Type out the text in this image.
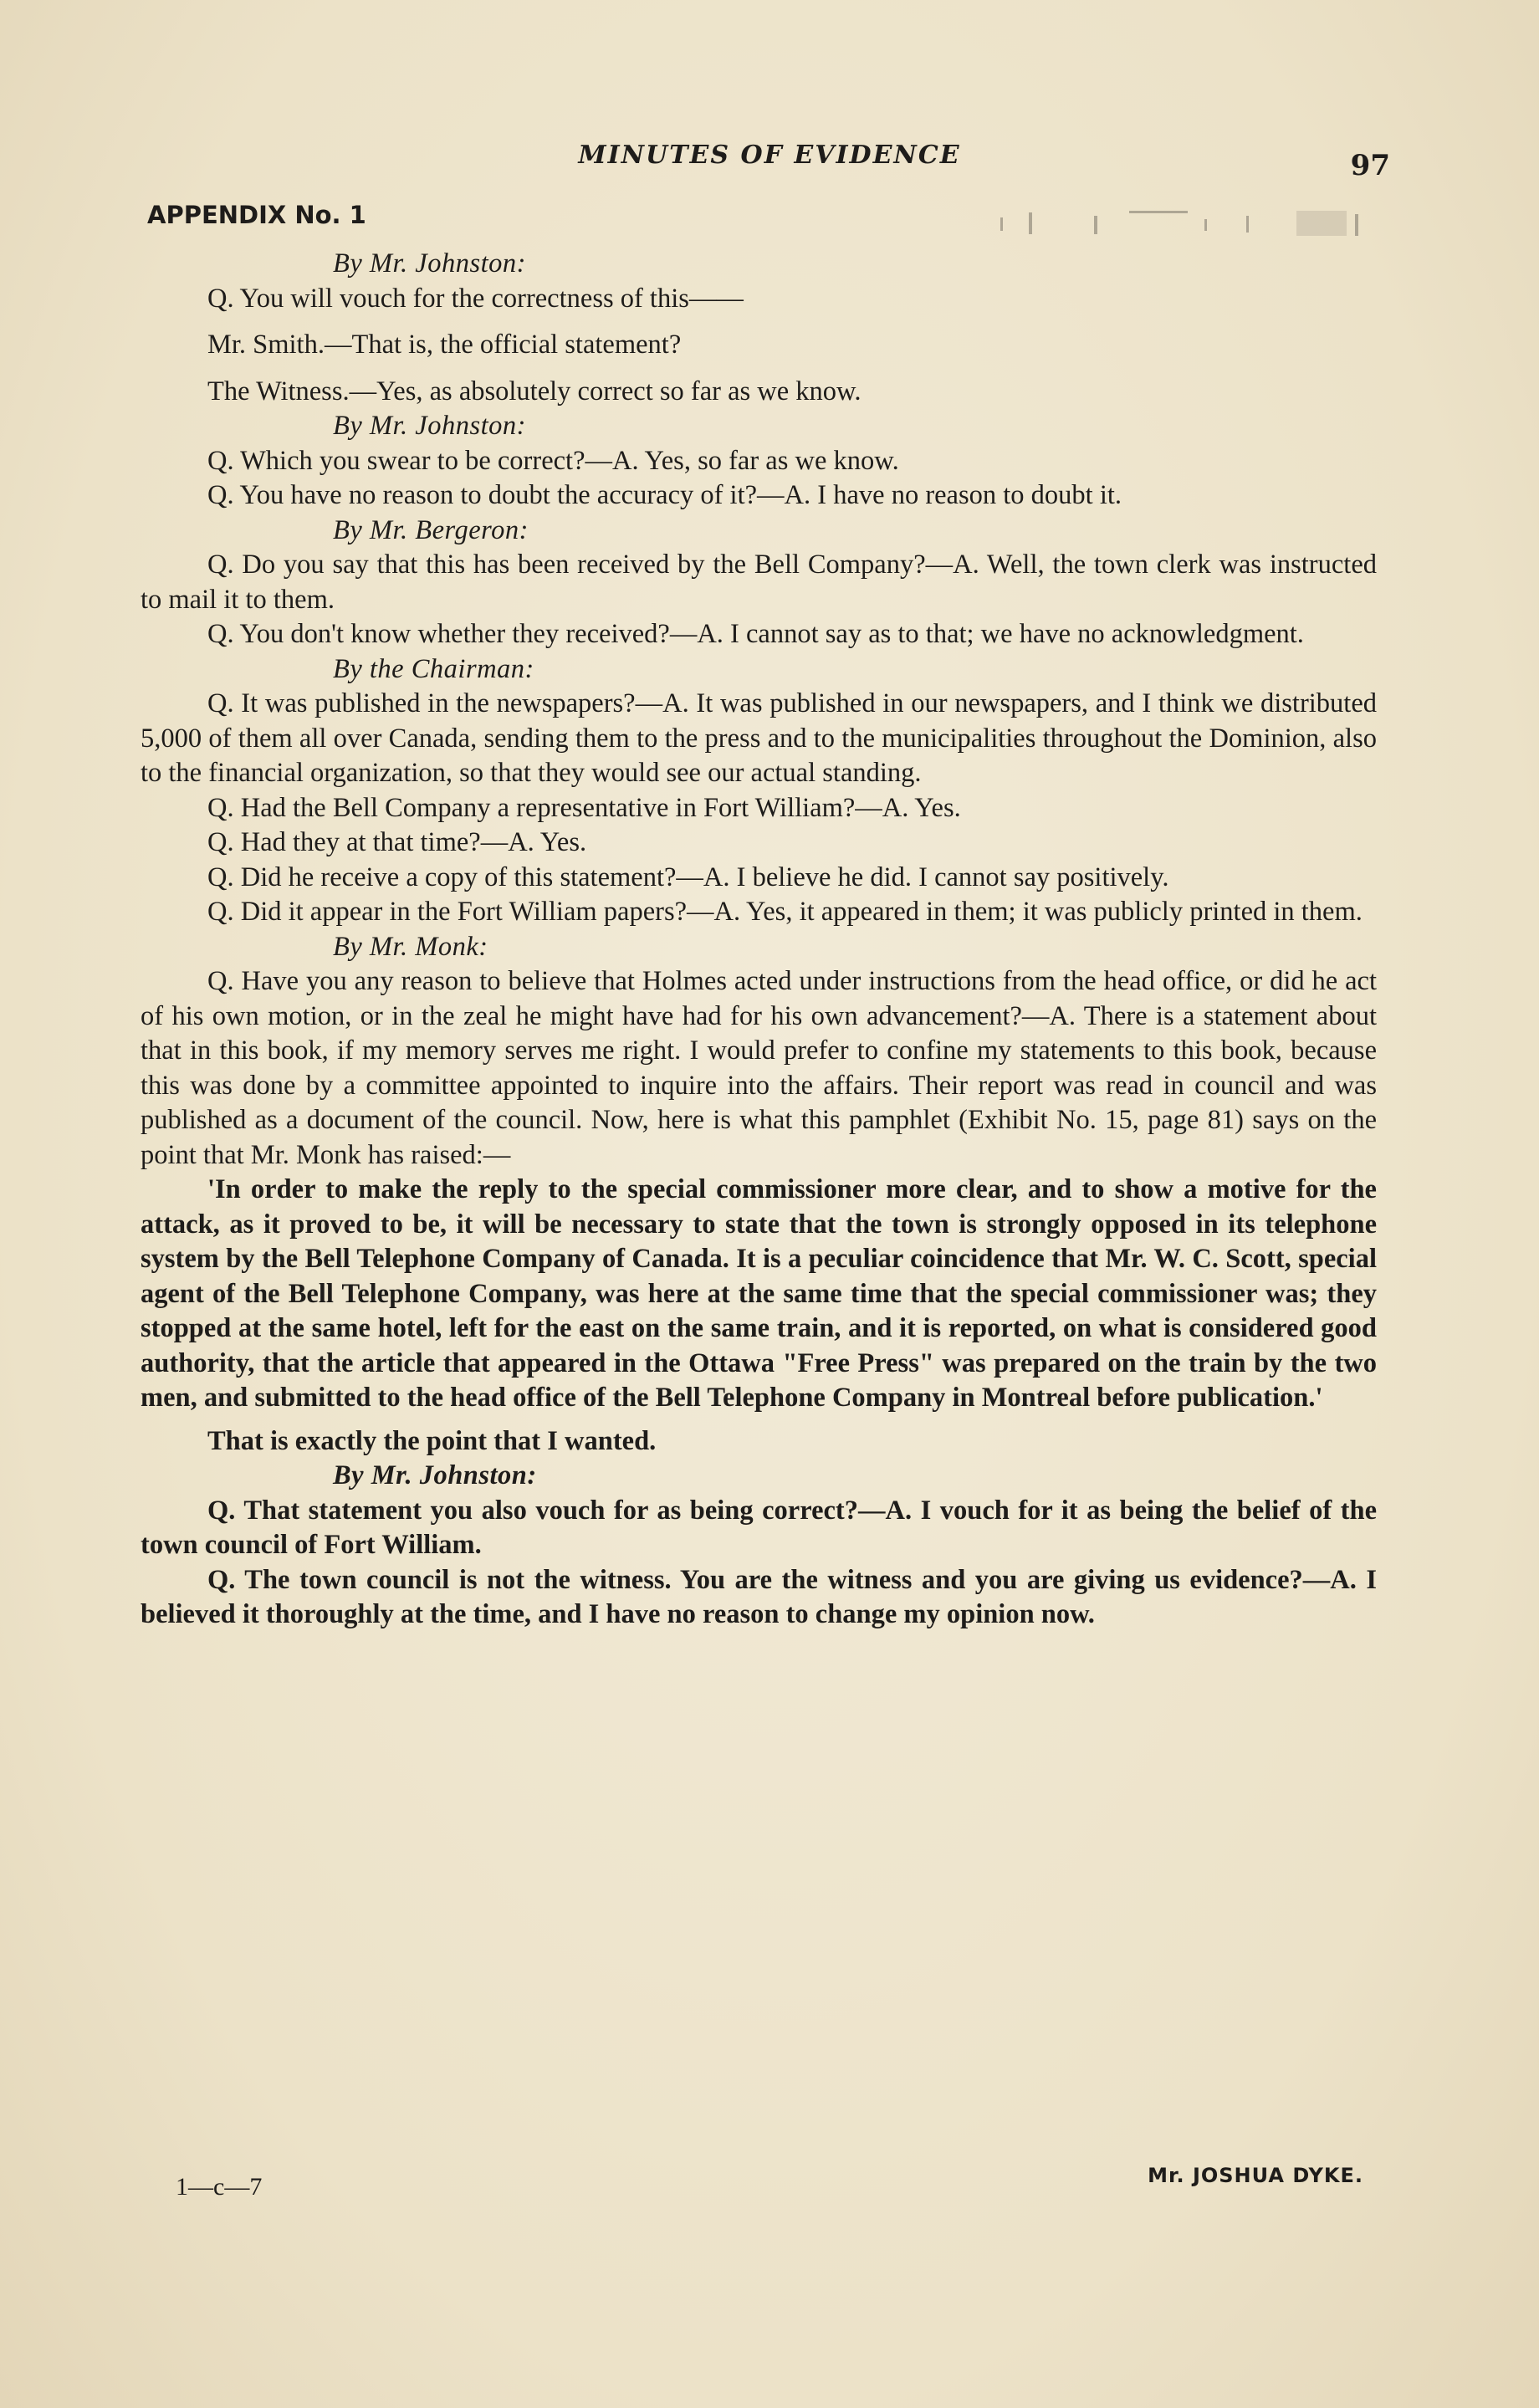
MINUTES OF EVIDENCE	97
APPENDIX No. 1

By Mr. Johnston:

Q. You will vouch for the correctness of this——

Mr. Smith.—That is, the official statement?

The Witness.—Yes, as absolutely correct so far as we know.

By Mr. Johnston:

Q. Which you swear to be correct?—A. Yes, so far as we know.

Q. You have no reason to doubt the accuracy of it?—A. I have no reason to doubt it.

By Mr. Bergeron:

Q. Do you say that this has been received by the Bell Company?—A. Well, the town clerk was instructed to mail it to them.

Q. You don't know whether they received?—A. I cannot say as to that; we have no acknowledgment.

By the Chairman:

Q. It was published in the newspapers?—A. It was published in our newspapers, and I think we distributed 5,000 of them all over Canada, sending them to the press and to the municipalities throughout the Dominion, also to the financial organization, so that they would see our actual standing.

Q. Had the Bell Company a representative in Fort William?—A. Yes.

Q. Had they at that time?—A. Yes.

Q. Did he receive a copy of this statement?—A. I believe he did. I cannot say positively.

Q. Did it appear in the Fort William papers?—A. Yes, it appeared in them; it was publicly printed in them.

By Mr. Monk:

Q. Have you any reason to believe that Holmes acted under instructions from the head office, or did he act of his own motion, or in the zeal he might have had for his own advancement?—A. There is a statement about that in this book, if my memory serves me right. I would prefer to confine my statements to this book, because this was done by a committee appointed to inquire into the affairs. Their report was read in council and was published as a document of the council. Now, here is what this pamphlet (Exhibit No. 15, page 81) says on the point that Mr. Monk has raised:—

'In order to make the reply to the special commissioner more clear, and to show a motive for the attack, as it proved to be, it will be necessary to state that the town is strongly opposed in its telephone system by the Bell Telephone Company of Canada. It is a peculiar coincidence that Mr. W. C. Scott, special agent of the Bell Telephone Company, was here at the same time that the special commissioner was; they stopped at the same hotel, left for the east on the same train, and it is reported, on what is considered good authority, that the article that appeared in the Ottawa "Free Press" was prepared on the train by the two men, and submitted to the head office of the Bell Telephone Company in Montreal before publication.'

That is exactly the point that I wanted.

By Mr. Johnston:

Q. That statement you also vouch for as being correct?—A. I vouch for it as being the belief of the town council of Fort William.

Q. The town council is not the witness. You are the witness and you are giving us evidence?—A. I believed it thoroughly at the time, and I have no reason to change my opinion now.

1—c—7	Mr. JOSHUA DYKE.
